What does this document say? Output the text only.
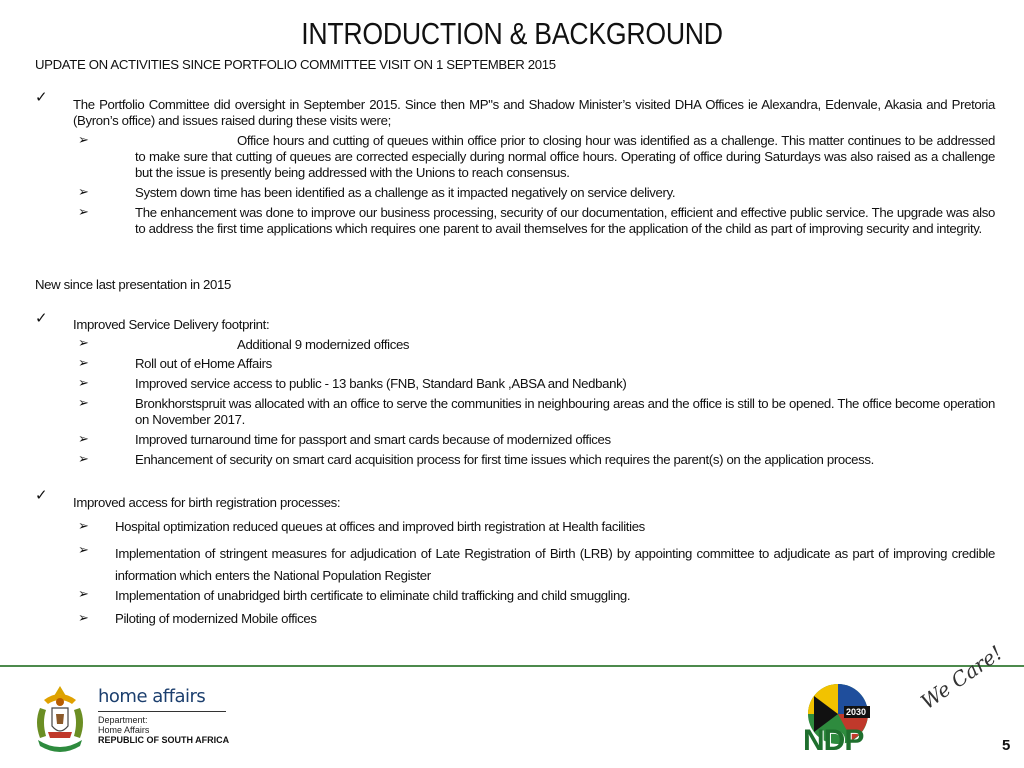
INTRODUCTION & BACKGROUND
UPDATE ON ACTIVITIES SINCE PORTFOLIO COMMITTEE VISIT ON 1 SEPTEMBER 2015
✓ The Portfolio Committee did oversight in September 2015. Since then MP"s and Shadow Minister’s visited DHA Offices ie Alexandra, Edenvale, Akasia and Pretoria (Byron’s office) and issues raised during these visits were;
➢	Office hours and cutting of queues within office prior to closing hour was identified as a challenge. This matter continues to be addressed to make sure that cutting of queues are corrected especially during normal office hours. Operating of office during Saturdays was also raised as a challenge but the issue is presently being addressed with the Unions to reach consensus.
➢	System down time has been identified as a challenge as it impacted negatively on service delivery.
➢	The enhancement was done to improve our business processing, security of our documentation, efficient and effective public service. The upgrade was also to address the first time applications which requires one parent to avail themselves for the application of the child as part of improving security and integrity.
New since last presentation in 2015
✓ Improved Service Delivery footprint:
➢	Additional 9 modernized offices
➢	Roll out of eHome Affairs
➢	Improved service access to public - 13 banks (FNB, Standard Bank ,ABSA and Nedbank)
➢	Bronkhorstspruit was allocated with an office to serve the communities in neighbouring areas and the office is still to be opened. The office become operation on November 2017.
➢	Improved turnaround time for passport and smart cards because of modernized offices
➢	Enhancement of security on smart card acquisition process for first time issues which requires the parent(s) on the application process.
✓ Improved access for birth registration processes:
➢ Hospital optimization reduced queues at offices and improved birth registration at Health facilities
➢ Implementation of stringent measures for adjudication of Late Registration of Birth (LRB) by appointing committee to adjudicate as part of improving credible information which enters the National Population Register
➢ Implementation of unabridged birth certificate to eliminate child trafficking and child smuggling.
➢ Piloting of modernized Mobile offices
home affairs
Department:
Home Affairs
REPUBLIC OF SOUTH AFRICA
2030
NDP
We Care!
5
